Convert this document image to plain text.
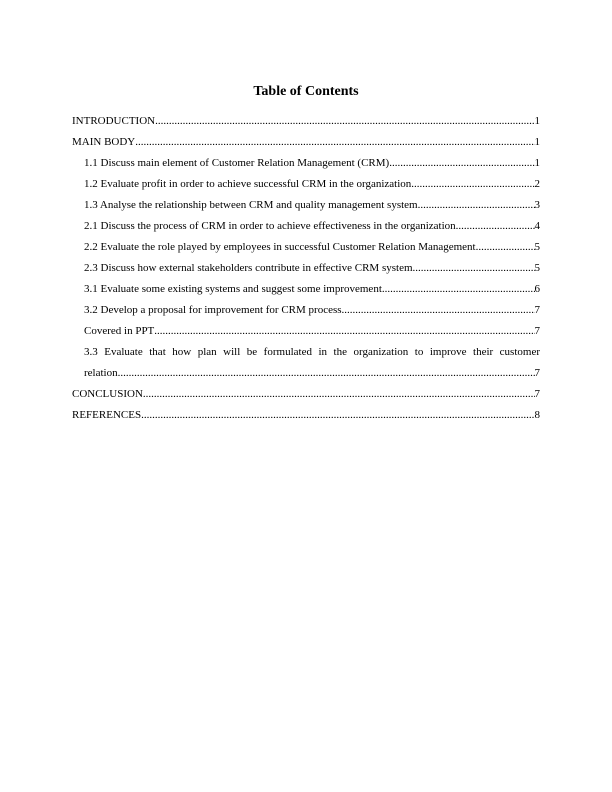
Table of Contents
INTRODUCTION .....	1
MAIN BODY .....	1
1.1 Discuss main element of Customer Relation Management (CRM) .....	1
1.2 Evaluate profit in order to achieve successful CRM in the organization .....	2
1.3 Analyse the relationship between CRM and quality management system .....	3
2.1 Discuss the process of CRM in order to achieve effectiveness in the organization .....	4
2.2 Evaluate the role played by employees in successful Customer Relation Management .....	5
2.3 Discuss how external stakeholders contribute in effective CRM system .....	5
3.1 Evaluate some existing systems and suggest some improvement .....	6
3.2 Develop a proposal for improvement for CRM process .....	7
Covered in PPT .....	7
3.3 Evaluate that how plan will be formulated in the organization to improve their customer
relation .....	7
CONCLUSION .....	7
REFERENCES .....	8
